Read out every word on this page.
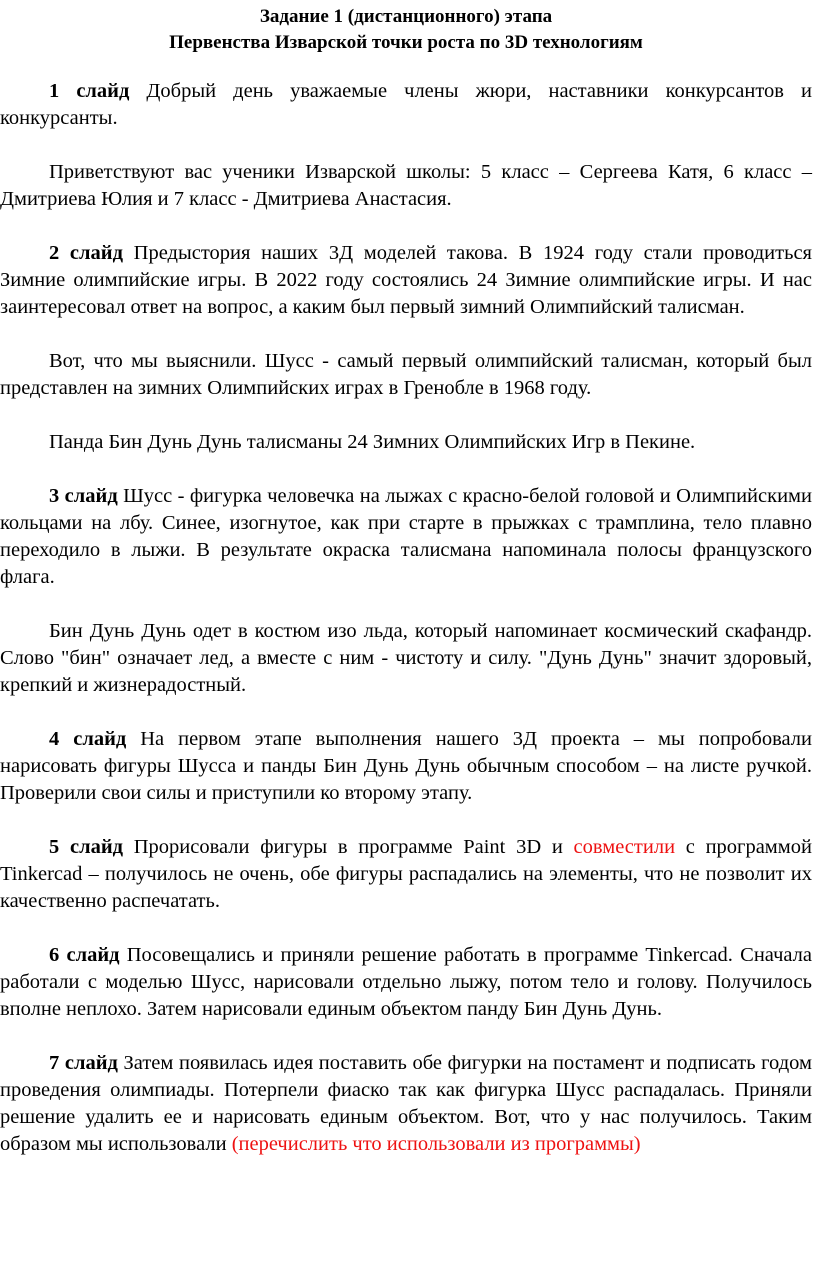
Задание 1 (дистанционного) этапа

Первенства Изварской точки роста по 3D технологиям

1 слайд Добрый день уважаемые члены жюри, наставники конкурсантов и конкурсанты.

Приветствуют вас ученики Изварской школы: 5 класс – Сергеева Катя, 6 класс – Дмитриева Юлия и 7 класс - Дмитриева Анастасия.

2 слайд Предыстория наших 3Д моделей такова. В 1924 году стали проводиться Зимние олимпийские игры. В 2022 году состоялись 24 Зимние олимпийские игры. И нас заинтересовал ответ на вопрос, а каким был первый зимний Олимпийский талисман.

Вот, что мы выяснили. Шусс - самый первый олимпийский талисман, который был представлен на зимних Олимпийских играх в Гренобле в 1968 году.

Панда Бин Дунь Дунь талисманы 24 Зимних Олимпийских Игр в Пекине.

3 слайд Шусс - фигурка человечка на лыжах с красно-белой головой и Олимпийскими кольцами на лбу. Синее, изогнутое, как при старте в прыжках с трамплина, тело плавно переходило в лыжи. В результате окраска талисмана напоминала полосы французского флага.

Бин Дунь Дунь одет в костюм изо льда, который напоминает космический скафандр. Слово "бин" означает лед, а вместе с ним - чистоту и силу. "Дунь Дунь" значит здоровый, крепкий и жизнерадостный.

4 слайд На первом этапе выполнения нашего 3Д проекта – мы попробовали нарисовать фигуры Шусса и панды Бин Дунь Дунь обычным способом – на листе ручкой. Проверили свои силы и приступили ко второму этапу.

5 слайд Прорисовали фигуры в программе Paint 3D и совместили с программой Tinkercad – получилось не очень, обе фигуры распадались на элементы, что не позволит их качественно распечатать.

6 слайд Посовещались и приняли решение работать в программе Tinkercad. Сначала работали с моделью Шусс, нарисовали отдельно лыжу, потом тело и голову. Получилось вполне неплохо. Затем нарисовали единым объектом панду Бин Дунь Дунь.

7 слайд Затем появилась идея поставить обе фигурки на постамент и подписать годом проведения олимпиады. Потерпели фиаско так как фигурка Шусс распадалась. Приняли решение удалить ее и нарисовать единым объектом. Вот, что у нас получилось. Таким образом мы использовали (перечислить что использовали из программы)
